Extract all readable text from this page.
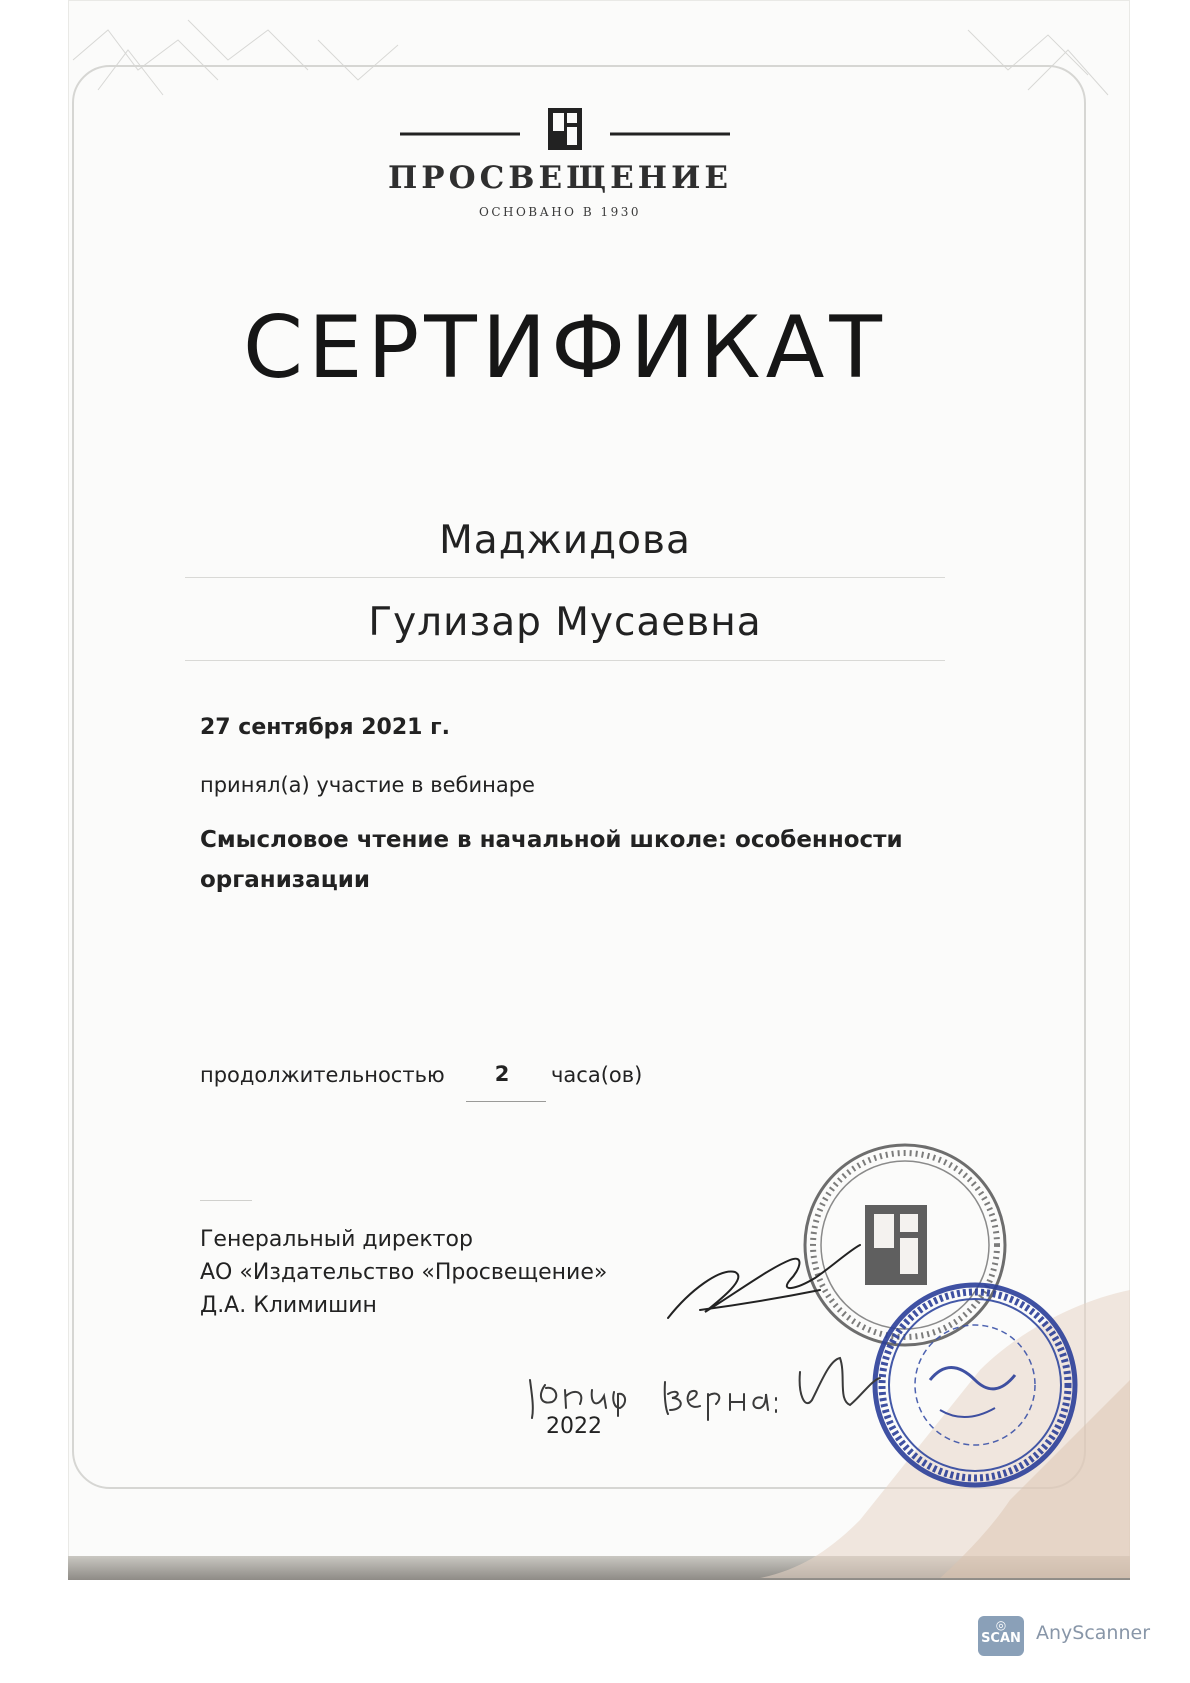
ПРОСВЕЩЕНИЕ
ОСНОВАНО В 1930
СЕРТИФИКАТ
Маджидова
Гулизар Мусаевна
27 сентября 2021 г.
принял(а) участие в вебинаре
Смысловое чтение в начальной школе: особенности организации
продолжительностью	2	часа(ов)
Генеральный директор
АО «Издательство «Просвещение»
Д.А. Климишин
2022
◎
SCAN AnyScanner
